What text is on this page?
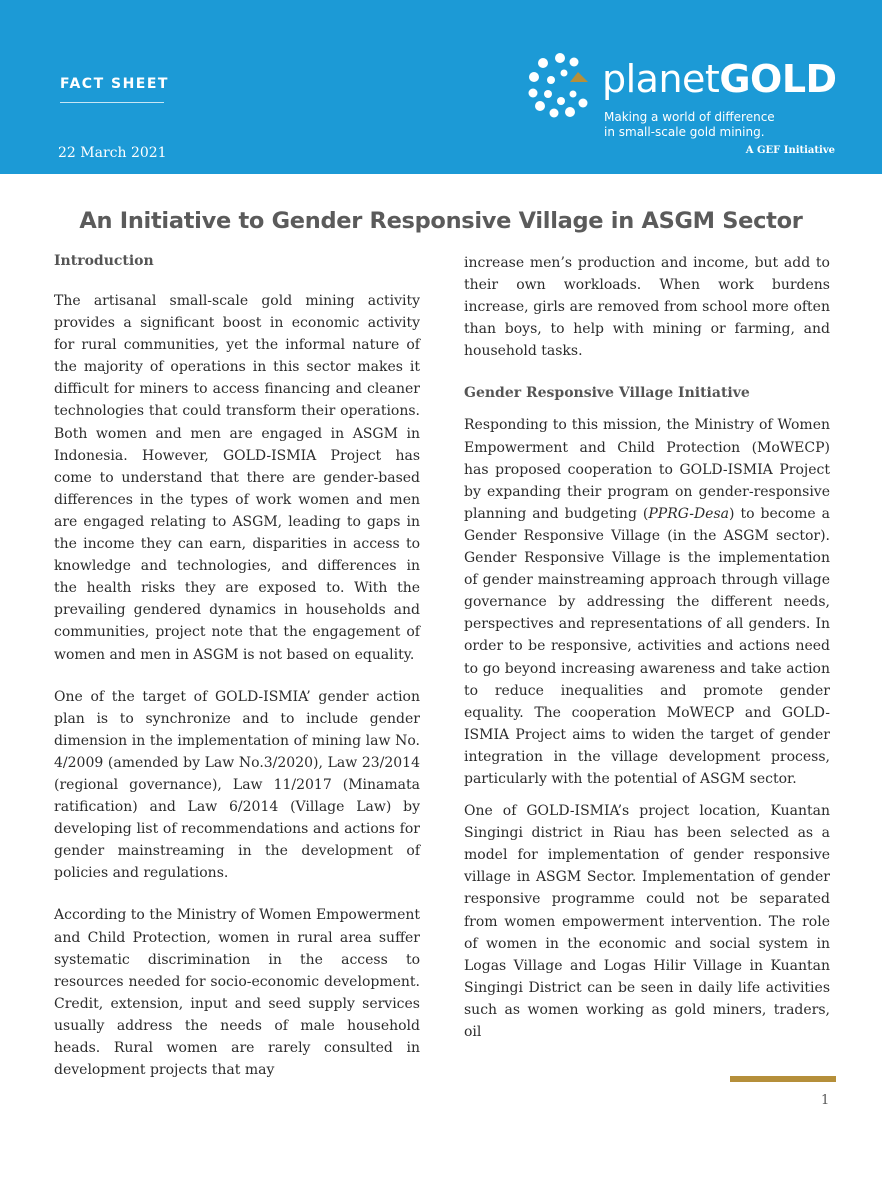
FACT SHEET
22 March 2021
planetGOLD
Making a world of difference
in small-scale gold mining.
A GEF Initiative
An Initiative to Gender Responsive Village in ASGM Sector
Introduction

The artisanal small-scale gold mining activity provides a significant boost in economic activity for rural communities, yet the informal nature of the majority of operations in this sector makes it difficult for miners to access financing and cleaner technologies that could transform their operations. Both women and men are engaged in ASGM in Indonesia. However, GOLD-ISMIA Project has come to understand that there are gender-based differences in the types of work women and men are engaged relating to ASGM, leading to gaps in the income they can earn, disparities in access to knowledge and technologies, and differences in the health risks they are exposed to. With the prevailing gendered dynamics in households and communities, project note that the engagement of women and men in ASGM is not based on equality.

One of the target of GOLD-ISMIA’ gender action plan is to synchronize and to include gender dimension in the implementation of mining law No. 4/2009 (amended by Law No.3/2020), Law 23/2014 (regional governance), Law 11/2017 (Minamata ratification) and Law 6/2014 (Village Law) by developing list of recommendations and actions for gender mainstreaming in the development of policies and regulations.

According to the Ministry of Women Empowerment and Child Protection, women in rural area suffer systematic discrimination in the access to resources needed for socio-economic development. Credit, extension, input and seed supply services usually address the needs of male household heads. Rural women are rarely consulted in development projects that may

increase men’s production and income, but add to their own workloads. When work burdens increase, girls are removed from school more often than boys, to help with mining or farming, and household tasks.

Gender Responsive Village Initiative

Responding to this mission, the Ministry of Women Empowerment and Child Protection (MoWECP) has proposed cooperation to GOLD-ISMIA Project by expanding their program on gender-responsive planning and budgeting (PPRG-Desa) to become a Gender Responsive Village (in the ASGM sector). Gender Responsive Village is the implementation of gender mainstreaming approach through village governance by addressing the different needs, perspectives and representations of all genders. In order to be responsive, activities and actions need to go beyond increasing awareness and take action to reduce inequalities and promote gender equality. The cooperation MoWECP and GOLD-ISMIA Project aims to widen the target of gender integration in the village development process, particularly with the potential of ASGM sector.

One of GOLD-ISMIA’s project location, Kuantan Singingi district in Riau has been selected as a model for implementation of gender responsive village in ASGM Sector. Implementation of gender responsive programme could not be separated from women empowerment intervention. The role of women in the economic and social system in Logas Village and Logas Hilir Village in Kuantan Singingi District can be seen in daily life activities such as women working as gold miners, traders, oil

1
